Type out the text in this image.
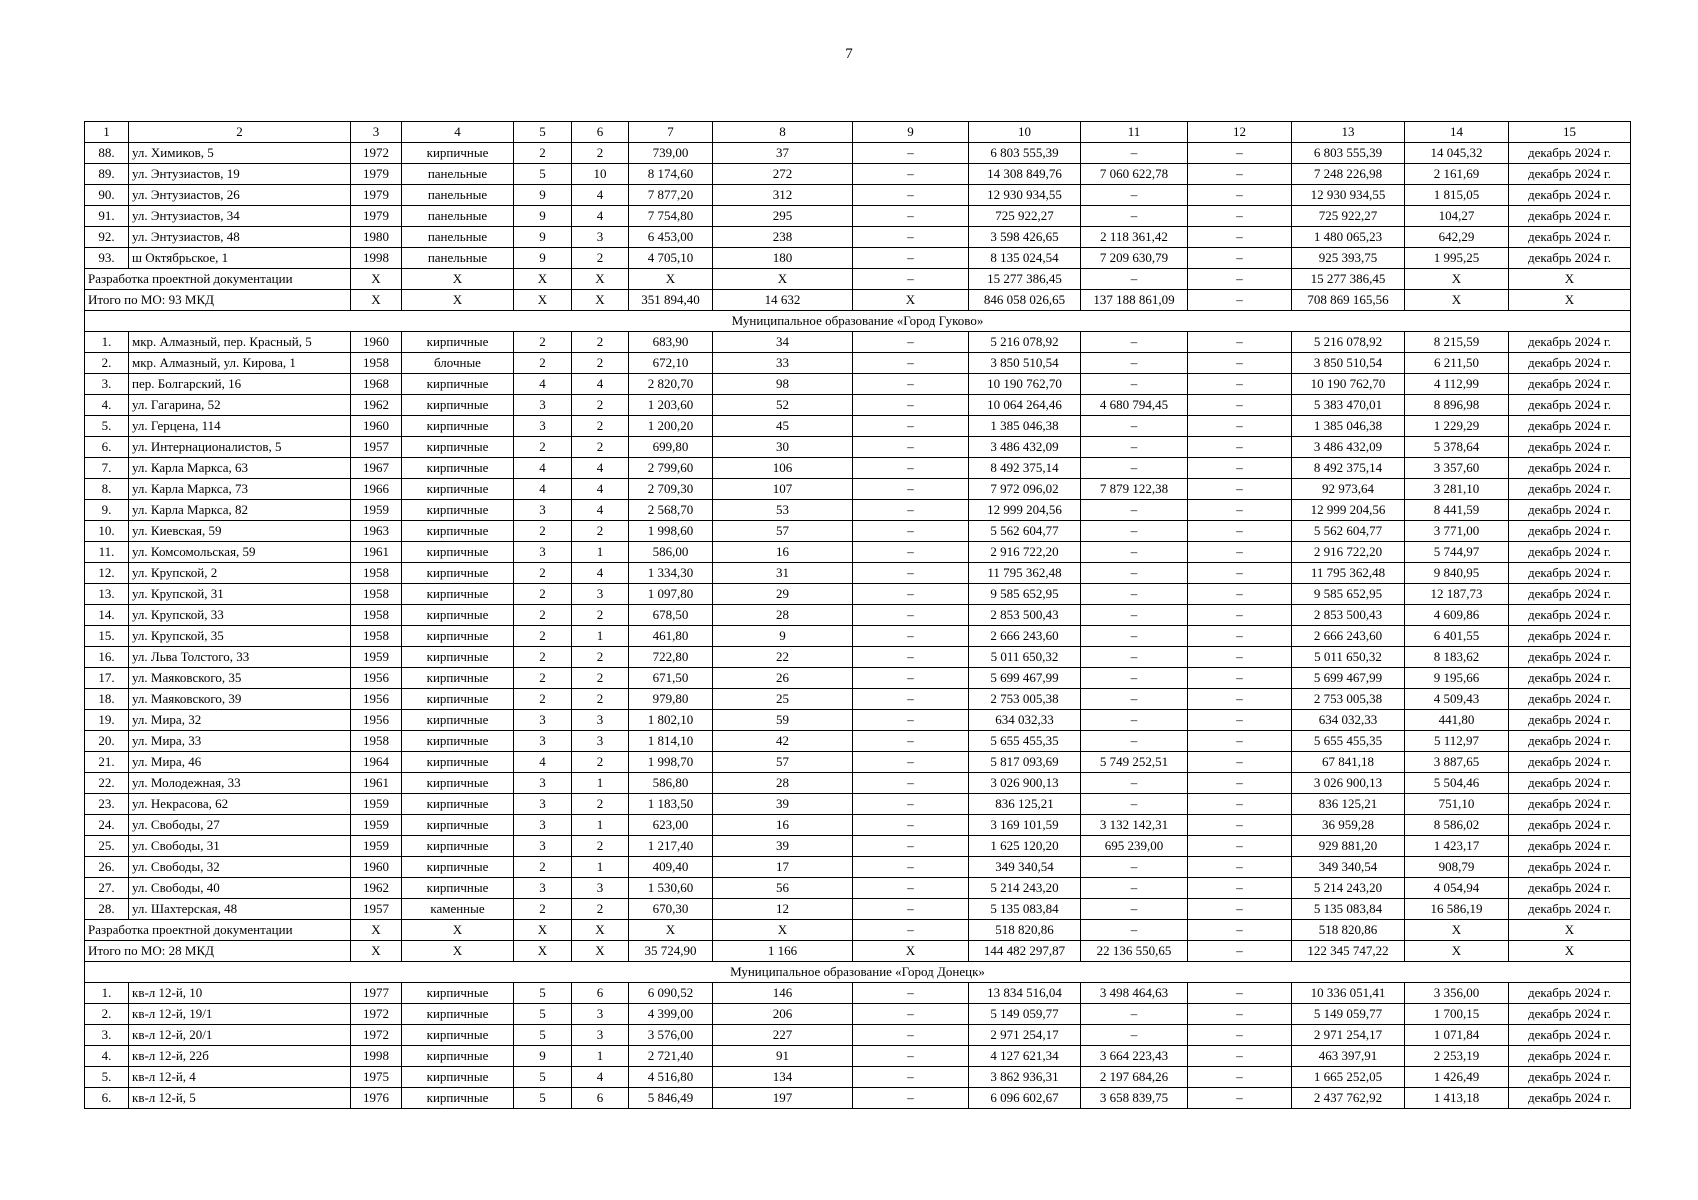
7
1	2	3	4	5	6	7	8	9	10	11	12	13	14	15
88.	ул. Химиков, 5	1972	кирпичные	2	2	739,00	37	–	6 803 555,39	–	–	6 803 555,39	14 045,32	декабрь 2024 г.
89.	ул. Энтузиастов, 19	1979	панельные	5	10	8 174,60	272	–	14 308 849,76	7 060 622,78	–	7 248 226,98	2 161,69	декабрь 2024 г.
90.	ул. Энтузиастов, 26	1979	панельные	9	4	7 877,20	312	–	12 930 934,55	–	–	12 930 934,55	1 815,05	декабрь 2024 г.
91.	ул. Энтузиастов, 34	1979	панельные	9	4	7 754,80	295	–	725 922,27	–	–	725 922,27	104,27	декабрь 2024 г.
92.	ул. Энтузиастов, 48	1980	панельные	9	3	6 453,00	238	–	3 598 426,65	2 118 361,42	–	1 480 065,23	642,29	декабрь 2024 г.
93.	ш Октябрьское, 1	1998	панельные	9	2	4 705,10	180	–	8 135 024,54	7 209 630,79	–	925 393,75	1 995,25	декабрь 2024 г.
Разработка проектной документации		X	X	X	X	X	X	–	15 277 386,45	–	–	15 277 386,45	X	X
Итого по МО: 93 МКД		X	X	X	X	351 894,40	14 632	X	846 058 026,65	137 188 861,09	–	708 869 165,56	X	X
Муниципальное образование «Город Гуково»														
1.	мкр. Алмазный, пер. Красный, 5	1960	кирпичные	2	2	683,90	34	–	5 216 078,92	–	–	5 216 078,92	8 215,59	декабрь 2024 г.
2.	мкр. Алмазный, ул. Кирова, 1	1958	блочные	2	2	672,10	33	–	3 850 510,54	–	–	3 850 510,54	6 211,50	декабрь 2024 г.
3.	пер. Болгарский, 16	1968	кирпичные	4	4	2 820,70	98	–	10 190 762,70	–	–	10 190 762,70	4 112,99	декабрь 2024 г.
4.	ул. Гагарина, 52	1962	кирпичные	3	2	1 203,60	52	–	10 064 264,46	4 680 794,45	–	5 383 470,01	8 896,98	декабрь 2024 г.
5.	ул. Герцена, 114	1960	кирпичные	3	2	1 200,20	45	–	1 385 046,38	–	–	1 385 046,38	1 229,29	декабрь 2024 г.
6.	ул. Интернационалистов, 5	1957	кирпичные	2	2	699,80	30	–	3 486 432,09	–	–	3 486 432,09	5 378,64	декабрь 2024 г.
7.	ул. Карла Маркса, 63	1967	кирпичные	4	4	2 799,60	106	–	8 492 375,14	–	–	8 492 375,14	3 357,60	декабрь 2024 г.
8.	ул. Карла Маркса, 73	1966	кирпичные	4	4	2 709,30	107	–	7 972 096,02	7 879 122,38	–	92 973,64	3 281,10	декабрь 2024 г.
9.	ул. Карла Маркса, 82	1959	кирпичные	3	4	2 568,70	53	–	12 999 204,56	–	–	12 999 204,56	8 441,59	декабрь 2024 г.
10.	ул. Киевская, 59	1963	кирпичные	2	2	1 998,60	57	–	5 562 604,77	–	–	5 562 604,77	3 771,00	декабрь 2024 г.
11.	ул. Комсомольская, 59	1961	кирпичные	3	1	586,00	16	–	2 916 722,20	–	–	2 916 722,20	5 744,97	декабрь 2024 г.
12.	ул. Крупской, 2	1958	кирпичные	2	4	1 334,30	31	–	11 795 362,48	–	–	11 795 362,48	9 840,95	декабрь 2024 г.
13.	ул. Крупской, 31	1958	кирпичные	2	3	1 097,80	29	–	9 585 652,95	–	–	9 585 652,95	12 187,73	декабрь 2024 г.
14.	ул. Крупской, 33	1958	кирпичные	2	2	678,50	28	–	2 853 500,43	–	–	2 853 500,43	4 609,86	декабрь 2024 г.
15.	ул. Крупской, 35	1958	кирпичные	2	1	461,80	9	–	2 666 243,60	–	–	2 666 243,60	6 401,55	декабрь 2024 г.
16.	ул. Льва Толстого, 33	1959	кирпичные	2	2	722,80	22	–	5 011 650,32	–	–	5 011 650,32	8 183,62	декабрь 2024 г.
17.	ул. Маяковского, 35	1956	кирпичные	2	2	671,50	26	–	5 699 467,99	–	–	5 699 467,99	9 195,66	декабрь 2024 г.
18.	ул. Маяковского, 39	1956	кирпичные	2	2	979,80	25	–	2 753 005,38	–	–	2 753 005,38	4 509,43	декабрь 2024 г.
19.	ул. Мира, 32	1956	кирпичные	3	3	1 802,10	59	–	634 032,33	–	–	634 032,33	441,80	декабрь 2024 г.
20.	ул. Мира, 33	1958	кирпичные	3	3	1 814,10	42	–	5 655 455,35	–	–	5 655 455,35	5 112,97	декабрь 2024 г.
21.	ул. Мира, 46	1964	кирпичные	4	2	1 998,70	57	–	5 817 093,69	5 749 252,51	–	67 841,18	3 887,65	декабрь 2024 г.
22.	ул. Молодежная, 33	1961	кирпичные	3	1	586,80	28	–	3 026 900,13	–	–	3 026 900,13	5 504,46	декабрь 2024 г.
23.	ул. Некрасова, 62	1959	кирпичные	3	2	1 183,50	39	–	836 125,21	–	–	836 125,21	751,10	декабрь 2024 г.
24.	ул. Свободы, 27	1959	кирпичные	3	1	623,00	16	–	3 169 101,59	3 132 142,31	–	36 959,28	8 586,02	декабрь 2024 г.
25.	ул. Свободы, 31	1959	кирпичные	3	2	1 217,40	39	–	1 625 120,20	695 239,00	–	929 881,20	1 423,17	декабрь 2024 г.
26.	ул. Свободы, 32	1960	кирпичные	2	1	409,40	17	–	349 340,54	–	–	349 340,54	908,79	декабрь 2024 г.
27.	ул. Свободы, 40	1962	кирпичные	3	3	1 530,60	56	–	5 214 243,20	–	–	5 214 243,20	4 054,94	декабрь 2024 г.
28.	ул. Шахтерская, 48	1957	каменные	2	2	670,30	12	–	5 135 083,84	–	–	5 135 083,84	16 586,19	декабрь 2024 г.
Разработка проектной документации		X	X	X	X	X	X	–	518 820,86	–	–	518 820,86	X	X
Итого по МО: 28 МКД		X	X	X	X	35 724,90	1 166	X	144 482 297,87	22 136 550,65	–	122 345 747,22	X	X
Муниципальное образование «Город Донецк»														
1.	кв-л 12-й, 10	1977	кирпичные	5	6	6 090,52	146	–	13 834 516,04	3 498 464,63	–	10 336 051,41	3 356,00	декабрь 2024 г.
2.	кв-л 12-й, 19/1	1972	кирпичные	5	3	4 399,00	206	–	5 149 059,77	–	–	5 149 059,77	1 700,15	декабрь 2024 г.
3.	кв-л 12-й, 20/1	1972	кирпичные	5	3	3 576,00	227	–	2 971 254,17	–	–	2 971 254,17	1 071,84	декабрь 2024 г.
4.	кв-л 12-й, 22б	1998	кирпичные	9	1	2 721,40	91	–	4 127 621,34	3 664 223,43	–	463 397,91	2 253,19	декабрь 2024 г.
5.	кв-л 12-й, 4	1975	кирпичные	5	4	4 516,80	134	–	3 862 936,31	2 197 684,26	–	1 665 252,05	1 426,49	декабрь 2024 г.
6.	кв-л 12-й, 5	1976	кирпичные	5	6	5 846,49	197	–	6 096 602,67	3 658 839,75	–	2 437 762,92	1 413,18	декабрь 2024 г.
